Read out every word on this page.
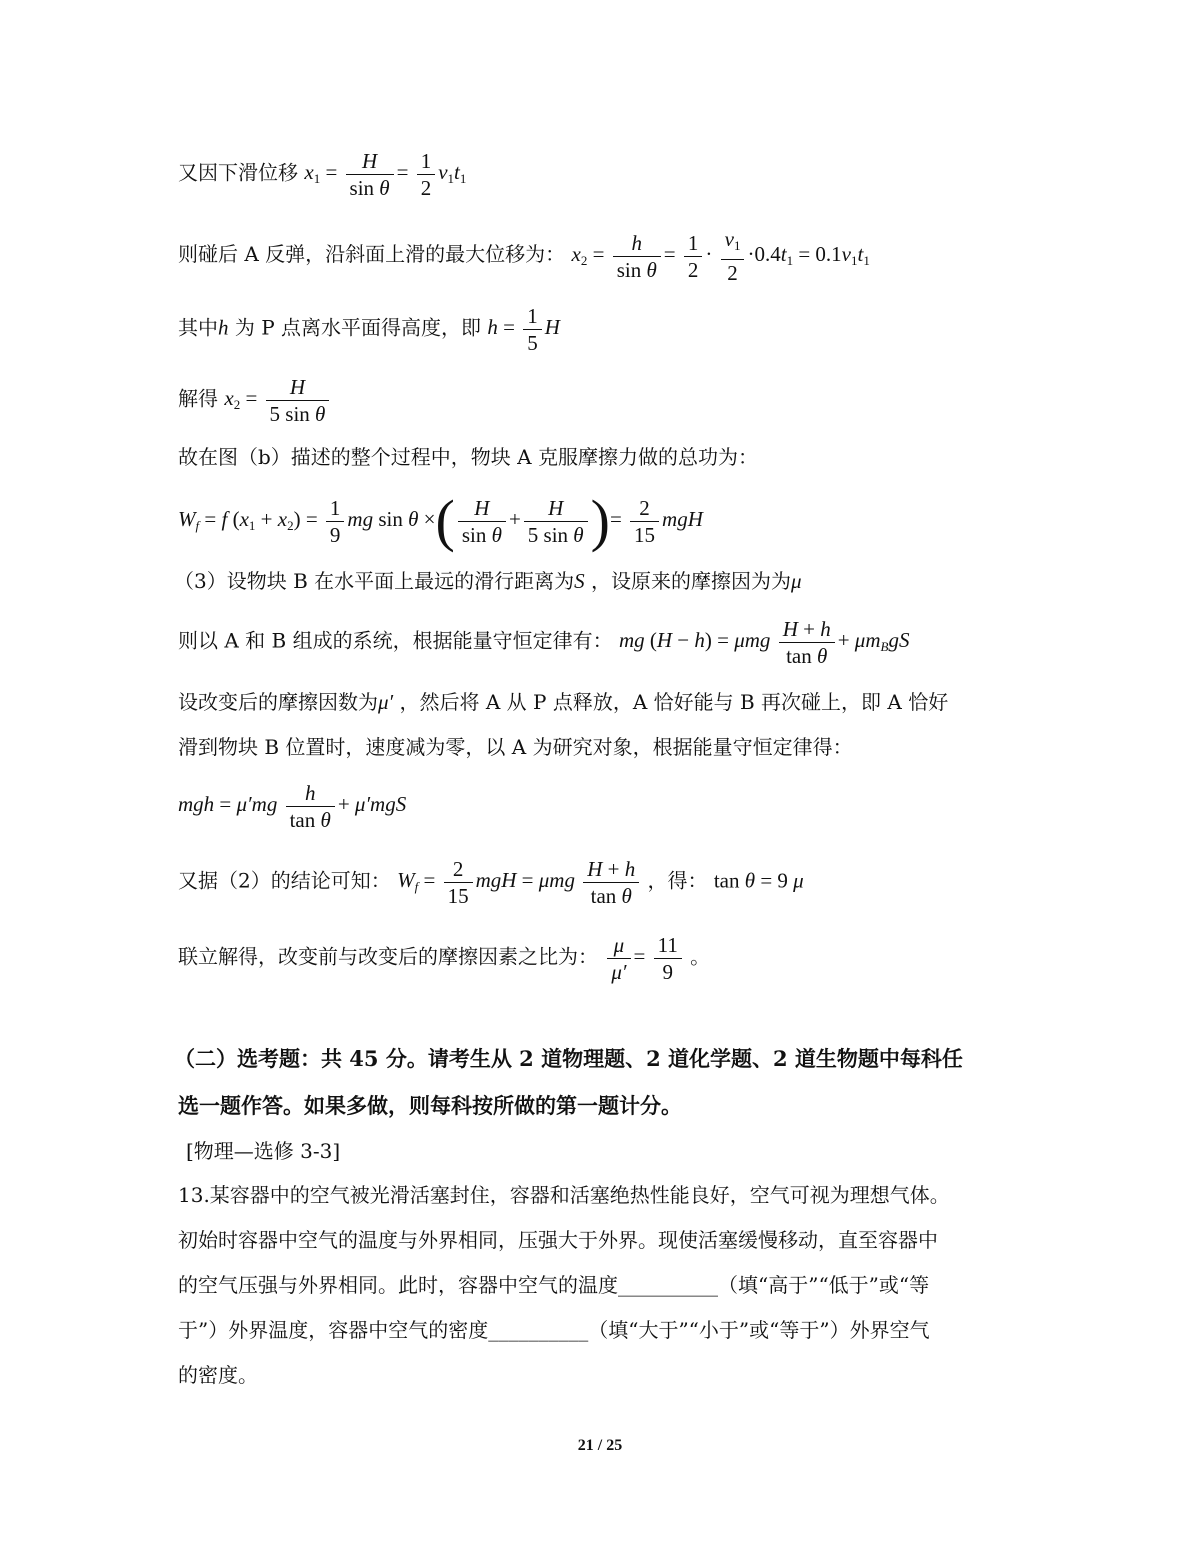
又因下滑位移 $x_1 = \frac{H}{\text{sin θ}} = \frac{1}{2} v_1t_1$
则碰后 A 反弹，沿斜面上滑的最大位移为： $x_2 = \frac{h}{\text{sin θ}} = \frac{1}{2} \cdot \frac{v_1}{2} \cdot 0.4t_1 = 0.1v_1t_1$
其中h 为 P 点离水平面得高度，即 $h = \frac{1}{5}$ H
解得 $x_2 = \frac{H}{\text{5 sin θ}}$
故在图（b）描述的整个过程中，物块 A 克服摩擦力做的总功为：
$W_f = f$ $(x_1 + x_2) = \frac{1}{9}$ mg sin θ ×( $\frac{H}{\text{sin θ}} + \frac{H}{\text{5 sin θ}}$ )= $\frac{2}{15}$ mgH
（3）设物块 B 在水平面上最远的滑行距离为S ，设原来的摩擦因为为μ
则以 A 和 B 组成的系统，根据能量守恒定律有： mg (H − h) = μmg $\frac{H + h}{\text{tan θ}} + \mu m_BgS$
设改变后的摩擦因数为μ′ ，然后将 A 从 P 点释放，A 恰好能与 B 再次碰上，即 A 恰好
滑到物块 B 位置时，速度减为零，以 A 为研究对象，根据能量守恒定律得：
mgh = $\mu'mg \frac{h}{\text{tan θ}} + \mu'mgS$
又据（2）的结论可知： $W_f = \frac{2}{15}$ mgH = μmg $\frac{H + h}{\text{tan θ}}$ ，得： tan θ = 9 μ
联立解得，改变前与改变后的摩擦因素之比为： $\frac{\mu}{\mu'} = \frac{11}{9}$ 。
（二）选考题：共 45 分。请考生从 2 道物理题、2 道化学题、2 道生物题中每科任
选一题作答。如果多做，则每科按所做的第一题计分。
[物理—选修 3-3]
13.某容器中的空气被光滑活塞封住，容器和活塞绝热性能良好，空气可视为理想气体。
初始时容器中空气的温度与外界相同，压强大于外界。现使活塞缓慢移动，直至容器中
的空气压强与外界相同。此时，容器中空气的温度__________（填“高于”“低于”或“等
于”）外界温度，容器中空气的密度__________（填“大于”“小于”或“等于”）外界空气
的密度。
21 / 25
